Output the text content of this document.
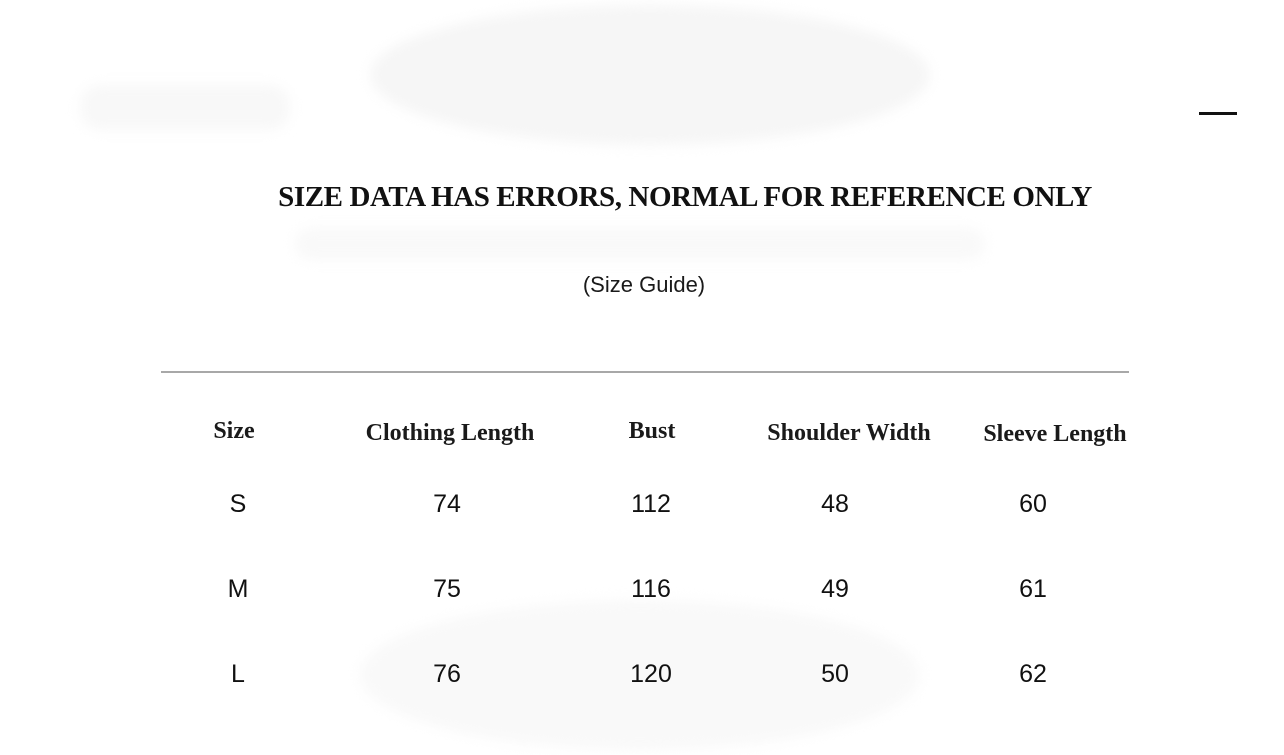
SIZE DATA HAS ERRORS, NORMAL FOR REFERENCE ONLY
(Size Guide)
Size	Clothing Length	Bust	Shoulder Width	Sleeve Length
S	74	112	48	60
M	75	116	49	61
L	76	120	50	62
